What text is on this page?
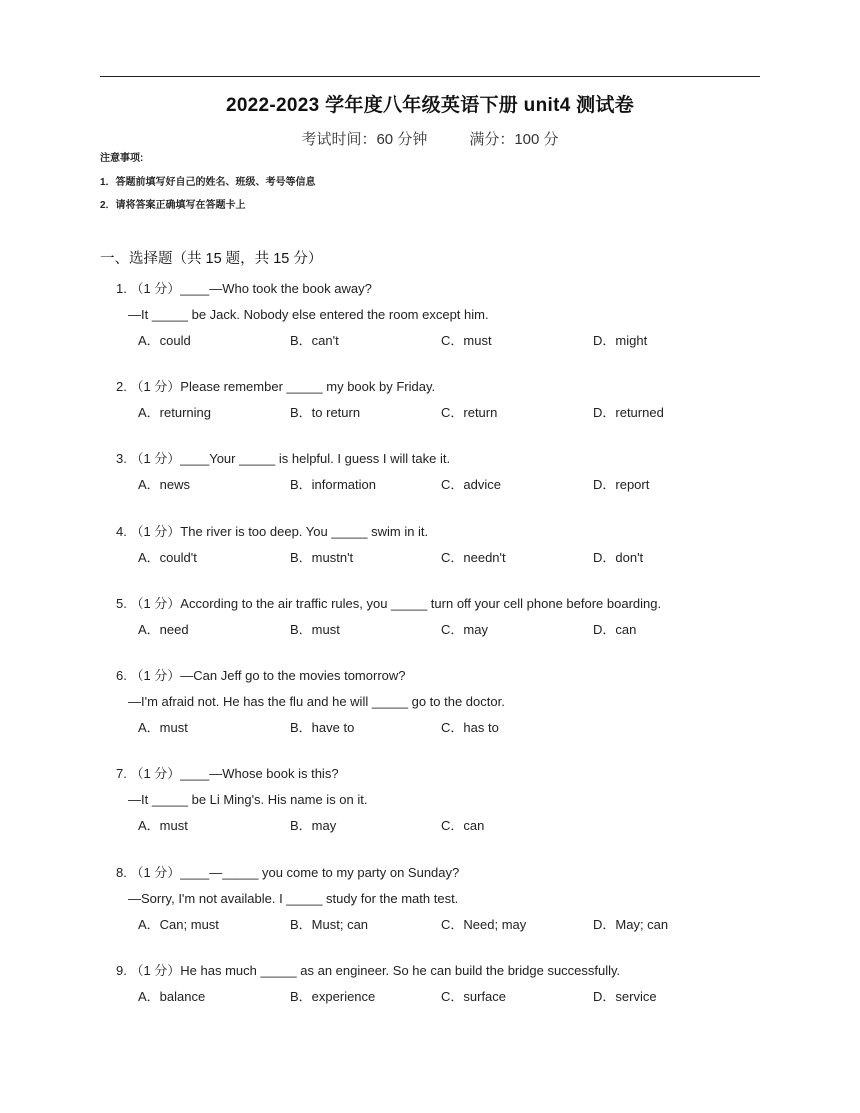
2022-2023 学年度八年级英语下册 unit4 测试卷
考试时间：60 分钟	满分：100 分
注意事项:
1．答题前填写好自己的姓名、班级、考号等信息
2．请将答案正确填写在答题卡上
一、选择题（共 15 题，共 15 分）
1. （1 分）____—Who took the book away?
—It _____ be Jack. Nobody else entered the room except him.
A．could	B．can't	C．must	D．might
2. （1 分）Please remember _____ my book by Friday.
A．returning	B．to return	C．return	D．returned
3. （1 分）____Your _____ is helpful. I guess I will take it.
A．news	B．information	C．advice	D．report
4. （1 分）The river is too deep. You _____ swim in it.
A．could't	B．mustn't	C．needn't	D．don't
5. （1 分）According to the air traffic rules, you _____ turn off your cell phone before boarding.
A．need	B．must	C．may	D．can
6. （1 分）—Can Jeff go to the movies tomorrow?
—I'm afraid not. He has the flu and he will _____ go to the doctor.
A．must	B．have to	C．has to
7. （1 分）____—Whose book is this?
—It _____ be Li Ming's. His name is on it.
A．must	B．may	C．can
8. （1 分）____—_____ you come to my party on Sunday?
—Sorry, I'm not available. I _____ study for the math test.
A．Can; must	B．Must; can	C．Need; may	D．May; can
9. （1 分）He has much _____ as an engineer. So he can build the bridge successfully.
A．balance	B．experience	C．surface	D．service
